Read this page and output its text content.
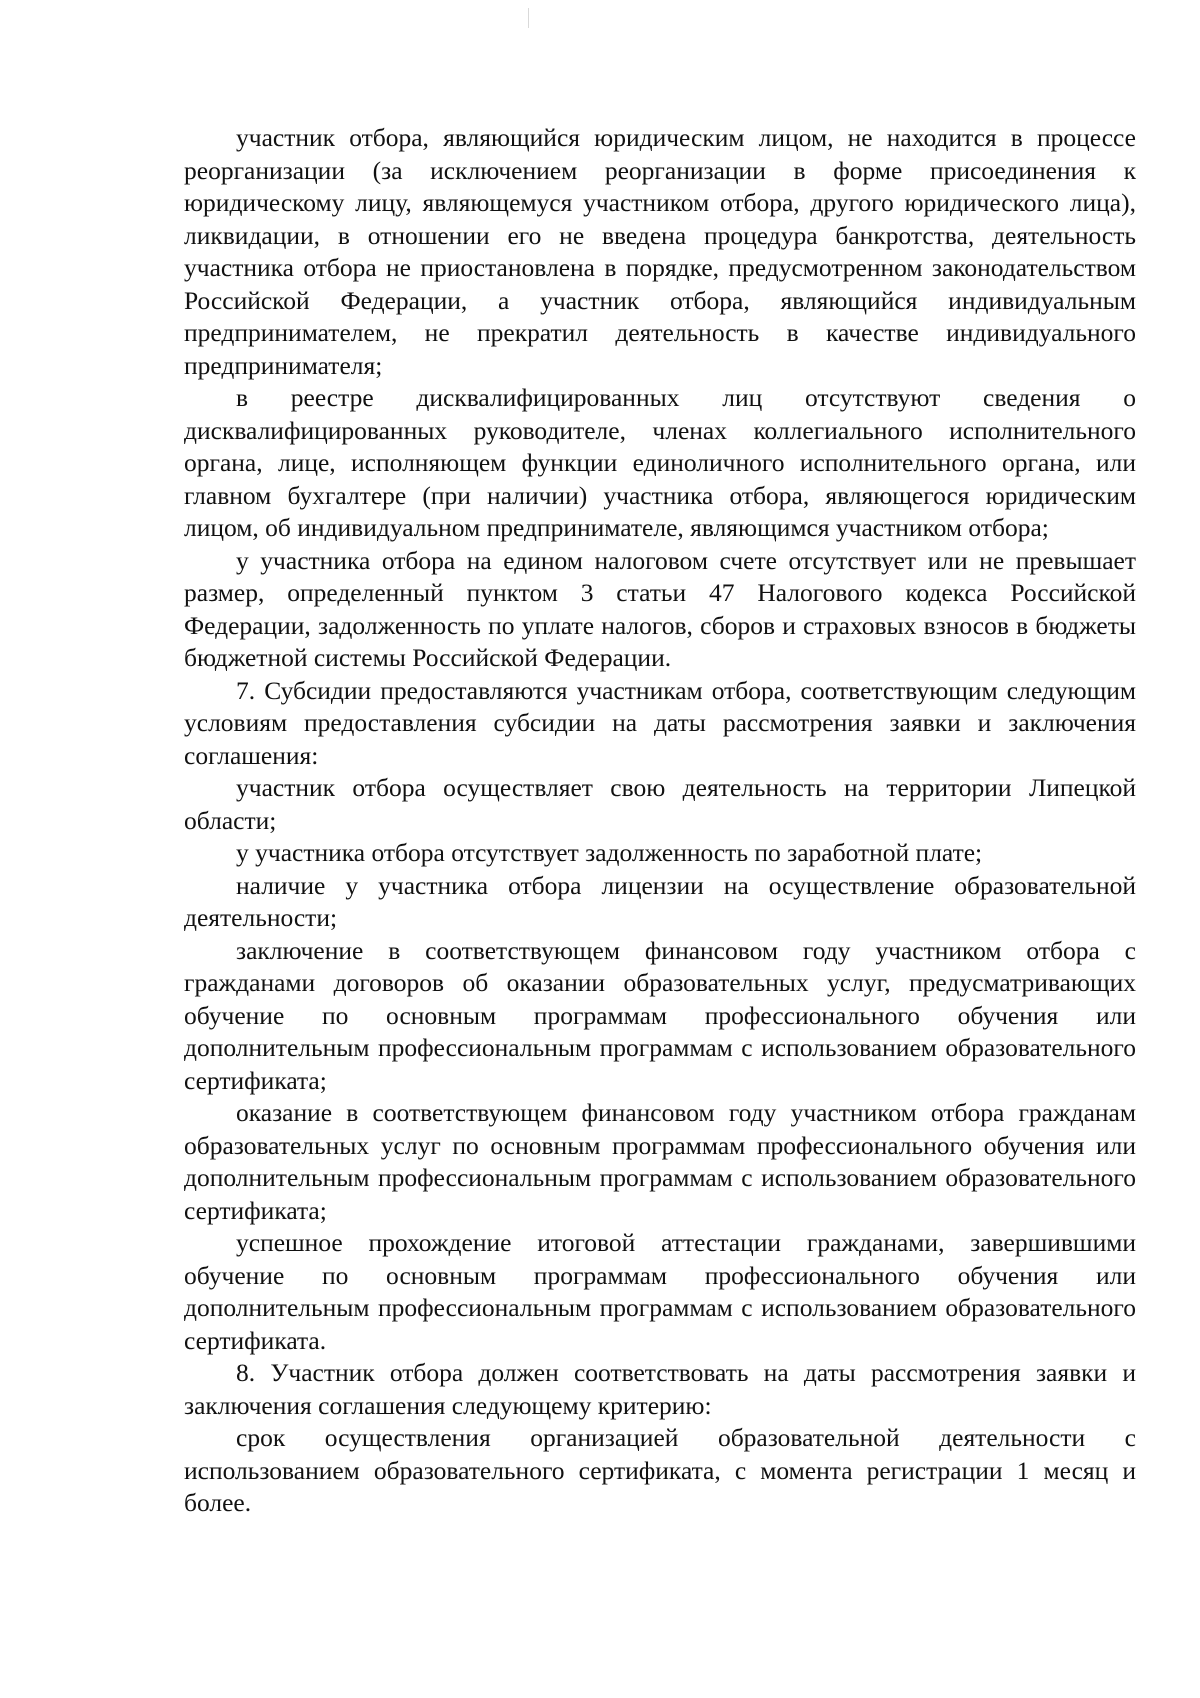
участник отбора, являющийся юридическим лицом, не находится в процессе реорганизации (за исключением реорганизации в форме присоединения к юридическому лицу, являющемуся участником отбора, другого юридического лица), ликвидации, в отношении его не введена процедура банкротства, деятельность участника отбора не приостановлена в порядке, предусмотренном законодательством Российской Федерации, а участник отбора, являющийся индивидуальным предпринимателем, не прекратил деятельность в качестве индивидуального предпринимателя;

в реестре дисквалифицированных лиц отсутствуют сведения о дисквалифицированных руководителе, членах коллегиального исполнительного органа, лице, исполняющем функции единоличного исполнительного органа, или главном бухгалтере (при наличии) участника отбора, являющегося юридическим лицом, об индивидуальном предпринимателе, являющимся участником отбора;

у участника отбора на едином налоговом счете отсутствует или не превышает размер, определенный пунктом 3 статьи 47 Налогового кодекса Российской Федерации, задолженность по уплате налогов, сборов и страховых взносов в бюджеты бюджетной системы Российской Федерации.

7. Субсидии предоставляются участникам отбора, соответствующим следующим условиям предоставления субсидии на даты рассмотрения заявки и заключения соглашения:

участник отбора осуществляет свою деятельность на территории Липецкой области;

у участника отбора отсутствует задолженность по заработной плате;

наличие у участника отбора лицензии на осуществление образовательной деятельности;

заключение в соответствующем финансовом году участником отбора с гражданами договоров об оказании образовательных услуг, предусматривающих обучение по основным программам профессионального обучения или дополнительным профессиональным программам с использованием образовательного сертификата;

оказание в соответствующем финансовом году участником отбора гражданам образовательных услуг по основным программам профессионального обучения или дополнительным профессиональным программам с использованием образовательного сертификата;

успешное прохождение итоговой аттестации гражданами, завершившими обучение по основным программам профессионального обучения или дополнительным профессиональным программам с использованием образовательного сертификата.

8. Участник отбора должен соответствовать на даты рассмотрения заявки и заключения соглашения следующему критерию:

срок осуществления организацией образовательной деятельности с использованием образовательного сертификата, с момента регистрации 1 месяц и более.
